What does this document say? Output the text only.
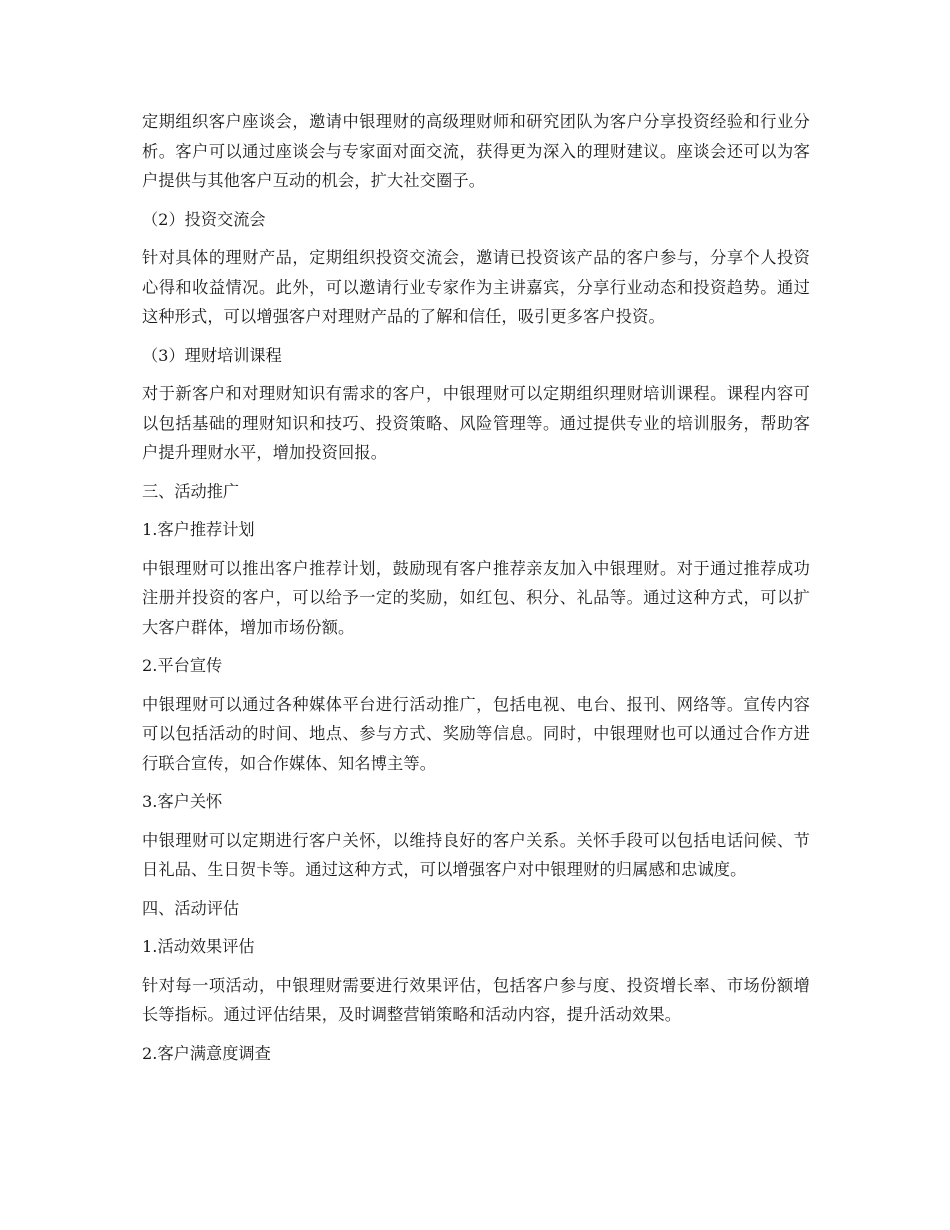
定期组织客户座谈会，邀请中银理财的高级理财师和研究团队为客户分享投资经验和行业分析。客户可以通过座谈会与专家面对面交流，获得更为深入的理财建议。座谈会还可以为客户提供与其他客户互动的机会，扩大社交圈子。

（2）投资交流会

针对具体的理财产品，定期组织投资交流会，邀请已投资该产品的客户参与，分享个人投资心得和收益情况。此外，可以邀请行业专家作为主讲嘉宾，分享行业动态和投资趋势。通过这种形式，可以增强客户对理财产品的了解和信任，吸引更多客户投资。

（3）理财培训课程

对于新客户和对理财知识有需求的客户，中银理财可以定期组织理财培训课程。课程内容可以包括基础的理财知识和技巧、投资策略、风险管理等。通过提供专业的培训服务，帮助客户提升理财水平，增加投资回报。

三、活动推广

1.客户推荐计划

中银理财可以推出客户推荐计划，鼓励现有客户推荐亲友加入中银理财。对于通过推荐成功注册并投资的客户，可以给予一定的奖励，如红包、积分、礼品等。通过这种方式，可以扩大客户群体，增加市场份额。

2.平台宣传

中银理财可以通过各种媒体平台进行活动推广，包括电视、电台、报刊、网络等。宣传内容可以包括活动的时间、地点、参与方式、奖励等信息。同时，中银理财也可以通过合作方进行联合宣传，如合作媒体、知名博主等。

3.客户关怀

中银理财可以定期进行客户关怀，以维持良好的客户关系。关怀手段可以包括电话问候、节日礼品、生日贺卡等。通过这种方式，可以增强客户对中银理财的归属感和忠诚度。

四、活动评估

1.活动效果评估

针对每一项活动，中银理财需要进行效果评估，包括客户参与度、投资增长率、市场份额增长等指标。通过评估结果，及时调整营销策略和活动内容，提升活动效果。

2.客户满意度调查
